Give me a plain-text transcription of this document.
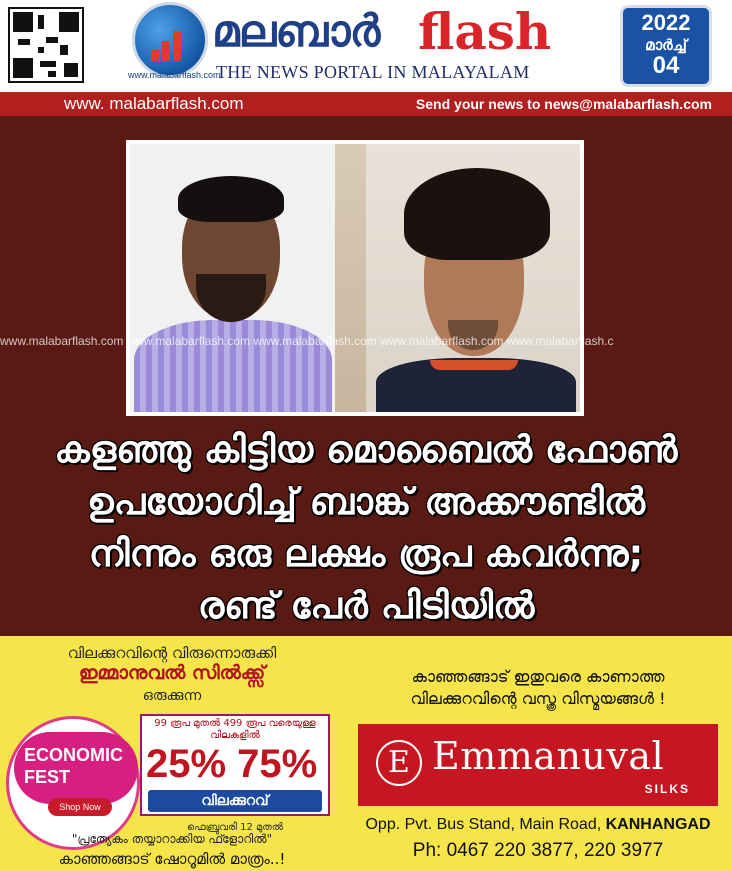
www.malabarflash.com
മലബാർ flash
THE NEWS PORTAL IN MALAYALAM
2022
മാർച്ച്
04
www. malabarflash.com	Send your news to news@malabarflash.com
www.malabarflash.com www.malabarflash.com www.malabarflash.com www.malabarflash.com www.malabarflash.c
കളഞ്ഞു കിട്ടിയ മൊബൈൽ ഫോൺ
ഉപയോഗിച്ച് ബാങ്ക് അക്കൗണ്ടിൽ
നിന്നും ഒരു ലക്ഷം രൂപ കവർന്നു;
രണ്ട് പേർ പിടിയിൽ
വിലക്കുറവിന്റെ വിരുന്നൊരുക്കി
ഇമ്മാനുവൽ സിൽക്ക്സ്
ഒരുക്കുന്ന
ECONOMIC FEST
Shop Now
99 രൂപ മുതൽ 499 രൂപ വരെയുള്ള വിലകളിൽ
25% 75%
വിലക്കുറവ്
ഫെബ്രുവരി 12 മുതൽ
"പ്രത്യേകം തയ്യാറാക്കിയ ഫ്ളോറിൽ"
കാഞ്ഞങ്ങാട് ഷോറൂമിൽ മാത്രം..!
കാഞ്ഞങ്ങാട് ഇതുവരെ കാണാത്ത
വിലക്കുറവിന്റെ വസ്ത്ര വിസ്മയങ്ങൾ !
E Emmanuval
SILKS
Opp. Pvt. Bus Stand, Main Road, KANHANGAD
Ph: 0467 220 3877, 220 3977
